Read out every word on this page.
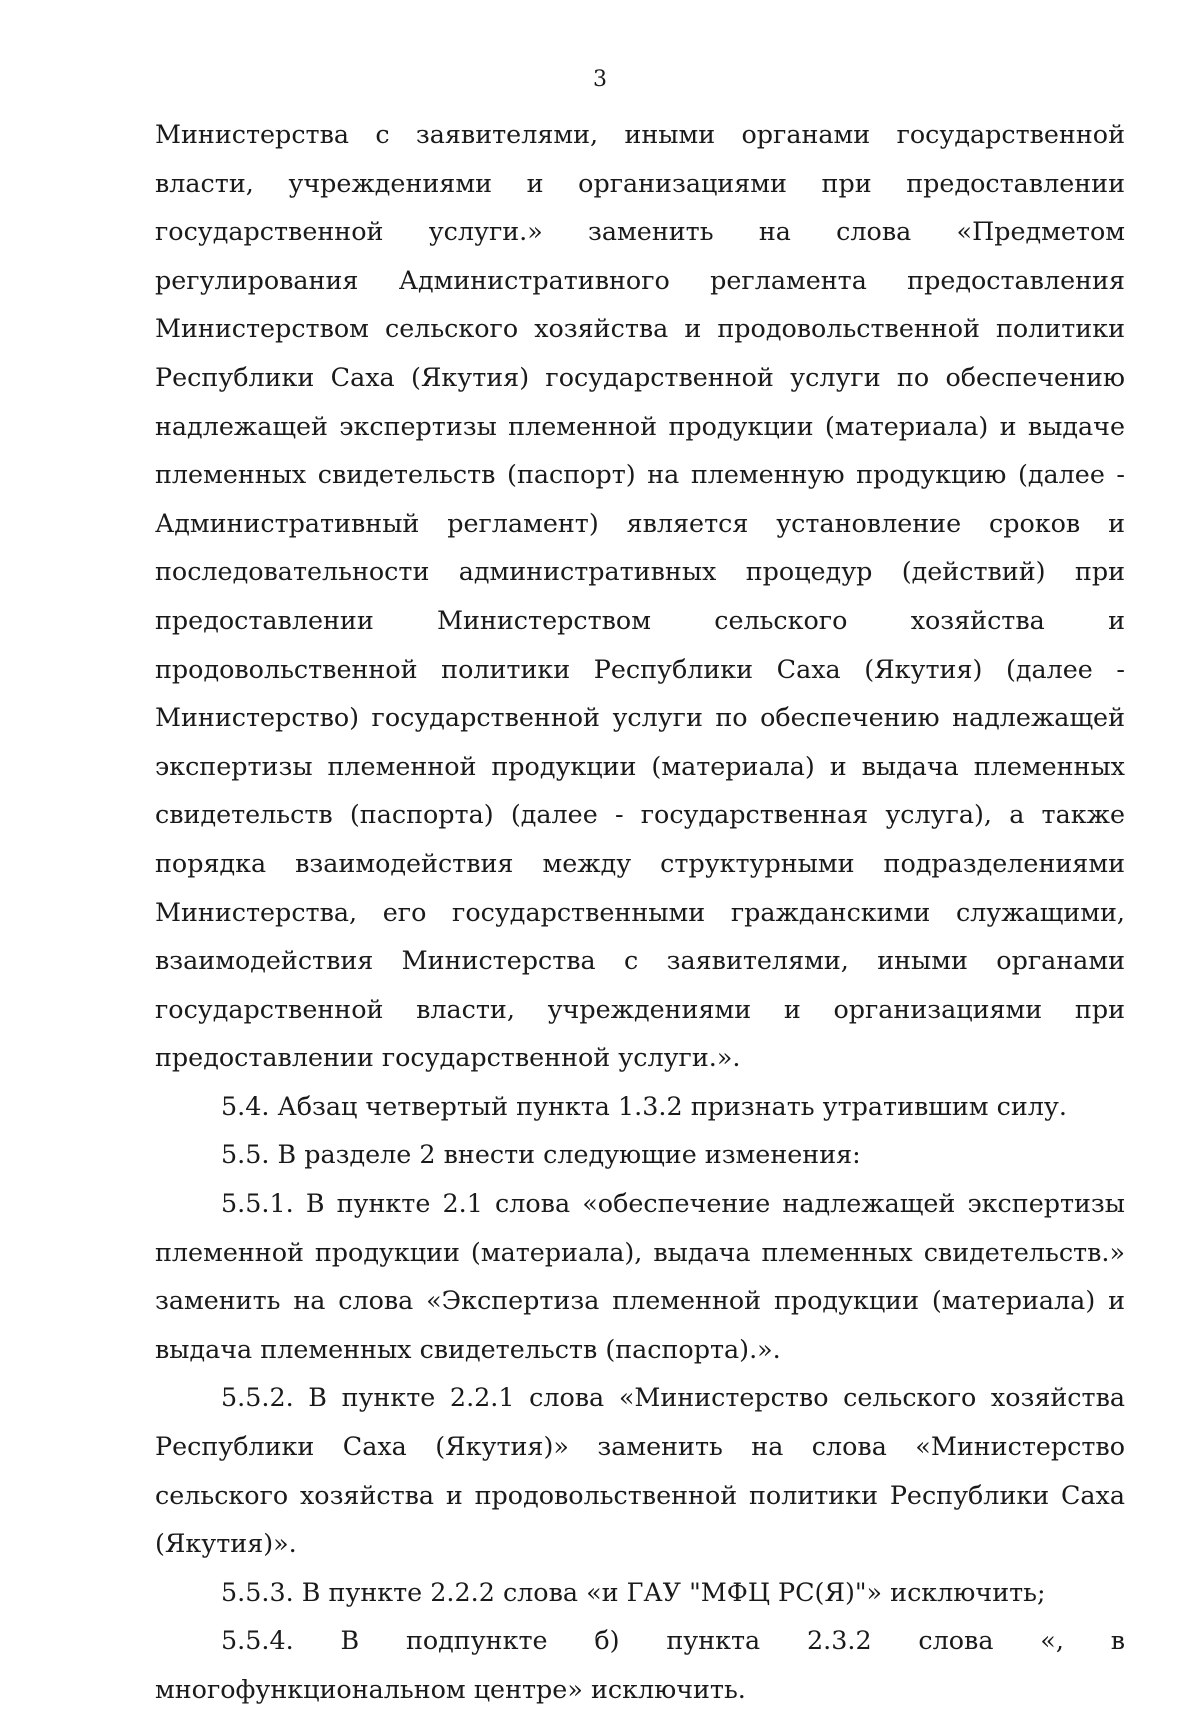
3

Министерства с заявителями, иными органами государственной власти, учреждениями и организациями при предоставлении государственной услуги.» заменить на слова «Предметом регулирования Административного регламента предоставления Министерством сельского хозяйства и продовольственной политики Республики Саха (Якутия) государственной услуги по обеспечению надлежащей экспертизы племенной продукции (материала) и выдаче племенных свидетельств (паспорт) на племенную продукцию (далее - Административный регламент) является установление сроков и последовательности административных процедур (действий) при предоставлении Министерством сельского хозяйства и продовольственной политики Республики Саха (Якутия) (далее - Министерство) государственной услуги по обеспечению надлежащей экспертизы племенной продукции (материала) и выдача племенных свидетельств (паспорта) (далее - государственная услуга), а также порядка взаимодействия между структурными подразделениями Министерства, его государственными гражданскими служащими, взаимодействия Министерства с заявителями, иными органами государственной власти, учреждениями и организациями при предоставлении государственной услуги.».

5.4. Абзац четвертый пункта 1.3.2 признать утратившим силу.

5.5. В разделе 2 внести следующие изменения:

5.5.1. В пункте 2.1 слова «обеспечение надлежащей экспертизы племенной продукции (материала), выдача племенных свидетельств.» заменить на слова «Экспертиза племенной продукции (материала) и выдача племенных свидетельств (паспорта).».

5.5.2. В пункте 2.2.1 слова «Министерство сельского хозяйства Республики Саха (Якутия)» заменить на слова «Министерство сельского хозяйства и продовольственной политики Республики Саха (Якутия)».

5.5.3. В пункте 2.2.2 слова «и ГАУ "МФЦ РС(Я)"» исключить;

5.5.4. В подпункте б) пункта 2.3.2 слова «, в многофункциональном центре» исключить.
